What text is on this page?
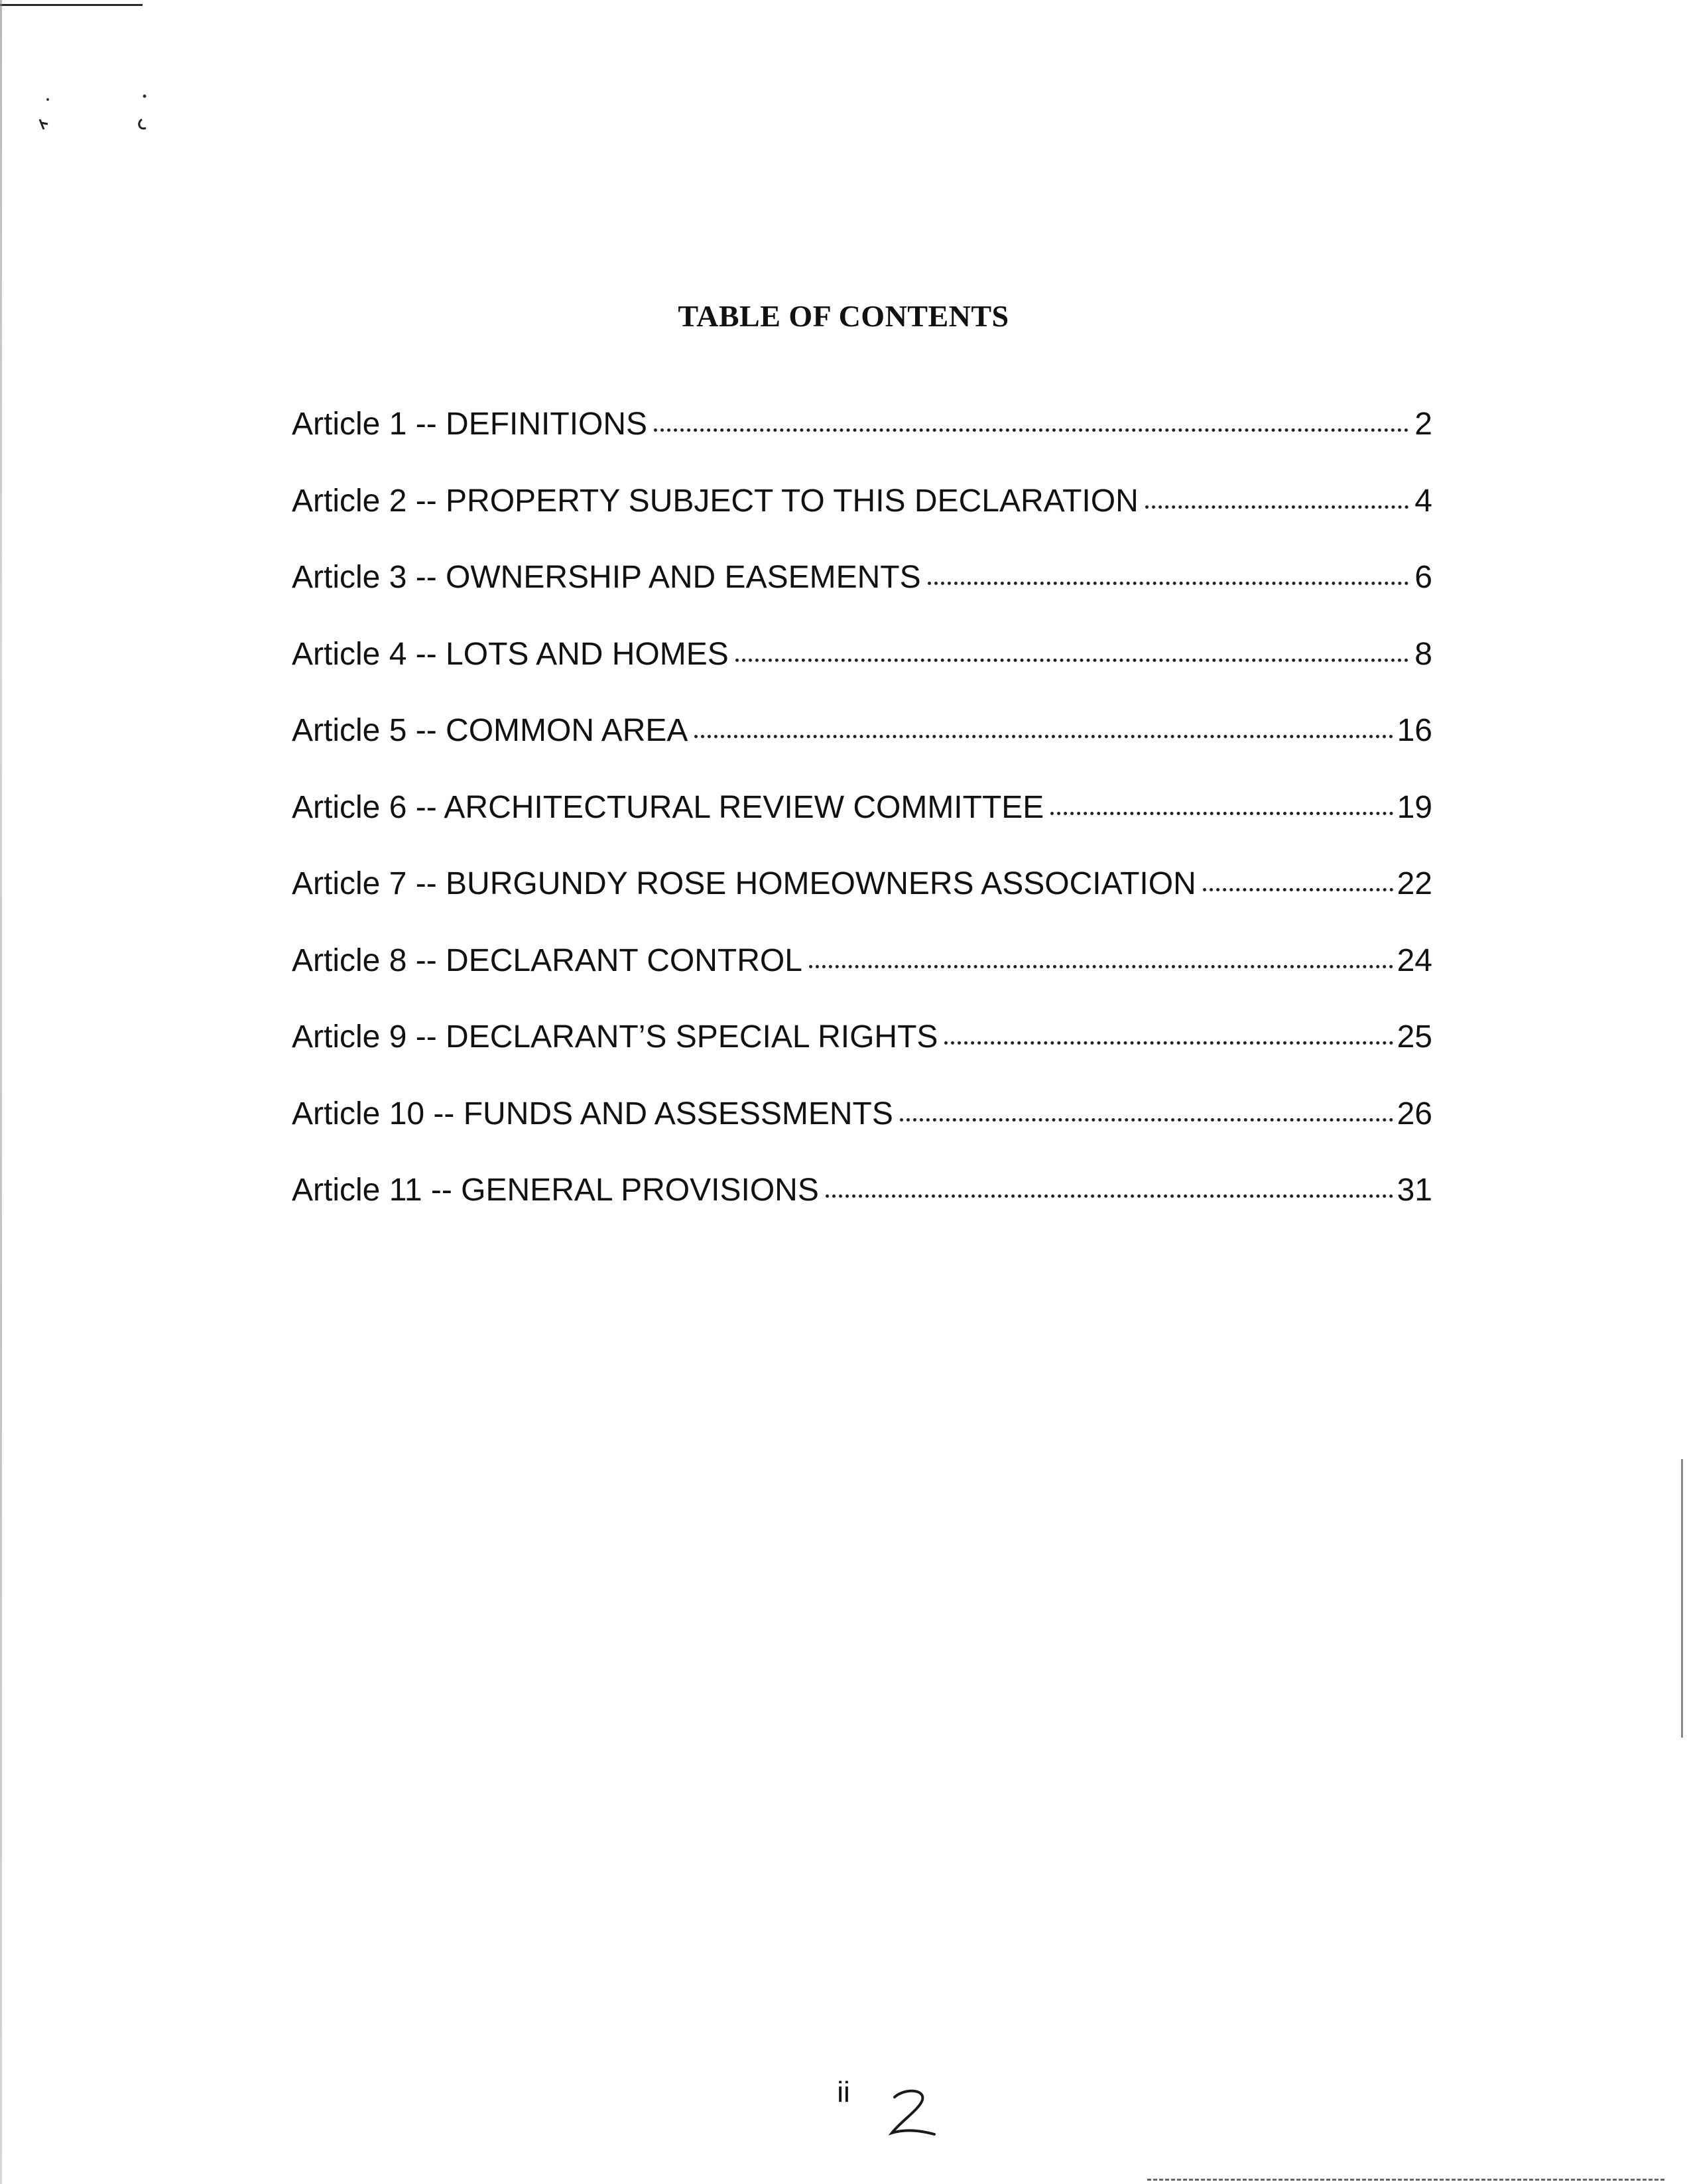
TABLE OF CONTENTS
Article 1 -- DEFINITIONS	2
Article 2 -- PROPERTY SUBJECT TO THIS DECLARATION	4
Article 3 -- OWNERSHIP AND EASEMENTS	6
Article 4 -- LOTS AND HOMES	8
Article 5 -- COMMON AREA	16
Article 6 -- ARCHITECTURAL REVIEW COMMITTEE	19
Article 7 -- BURGUNDY ROSE HOMEOWNERS ASSOCIATION	22
Article 8 -- DECLARANT CONTROL	24
Article 9 -- DECLARANT’S SPECIAL RIGHTS	25
Article 10 -- FUNDS AND ASSESSMENTS	26
Article 11 -- GENERAL PROVISIONS	31
ii
